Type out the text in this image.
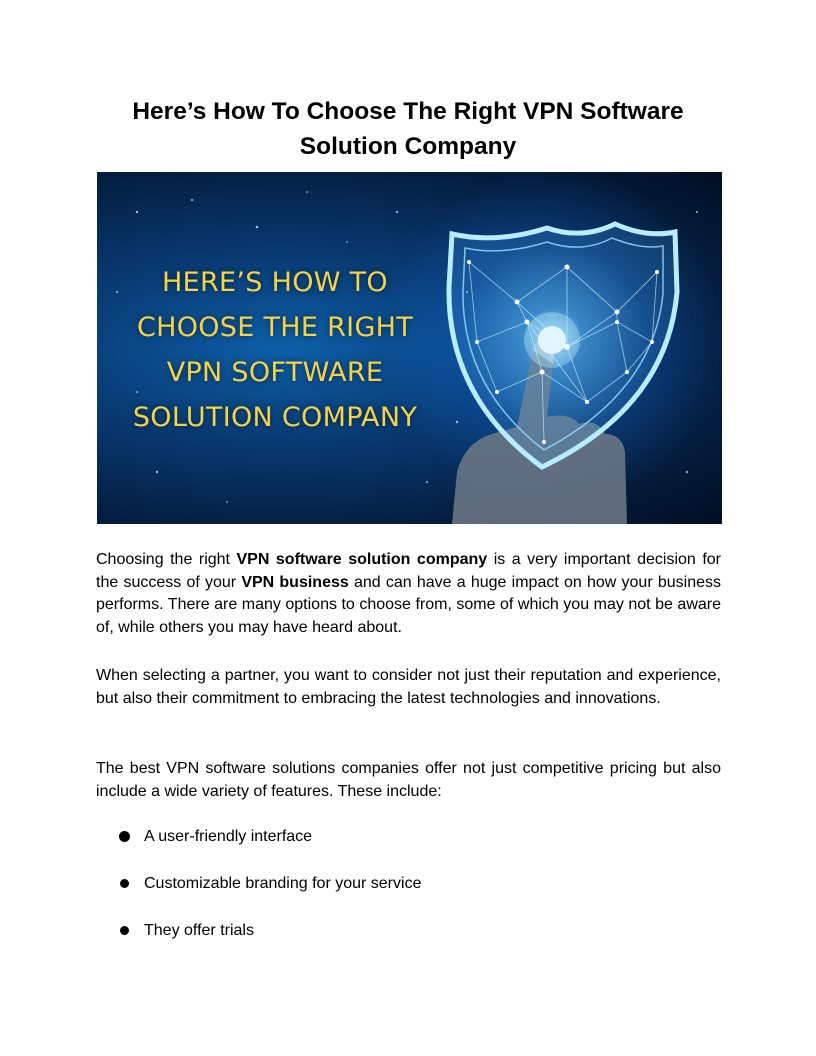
Here’s How To Choose The Right VPN Software Solution Company
HERE’S HOW TO
CHOOSE THE RIGHT
VPN SOFTWARE
SOLUTION COMPANY

Choosing the right VPN software solution company is a very important decision for the success of your VPN business and can have a huge impact on how your business performs. There are many options to choose from, some of which you may not be aware of, while others you may have heard about.

When selecting a partner, you want to consider not just their reputation and experience, but also their commitment to embracing the latest technologies and innovations.

The best VPN software solutions companies offer not just competitive pricing but also include a wide variety of features. These include:

A user-friendly interface
Customizable branding for your service
They offer trials
